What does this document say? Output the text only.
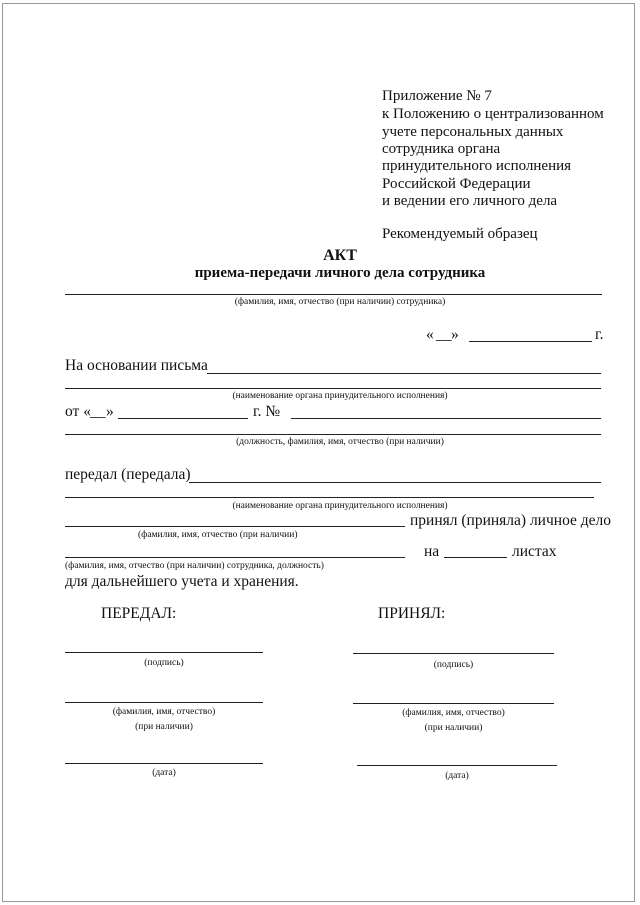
Приложение № 7
к Положению о централизованном
учете персональных данных
сотрудника органа
принудительного исполнения
Российской Федерации
и ведении его личного дела
Рекомендуемый образец
АКТ
приема-передачи личного дела сотрудника
(фамилия, имя, отчество (при наличии) сотрудника)
« __ »	г.
На основании письма
(наименование органа принудительного исполнения)
от « __ »	г. №
(должность, фамилия, имя, отчество (при наличии)
передал (передала)
(наименование органа принудительного исполнения)
принял (приняла) личное дело
(фамилия, имя, отчество (при наличии)
на	листах
(фамилия, имя, отчество (при наличии) сотрудника, должность)
для дальнейшего учета и хранения.
ПЕРЕДАЛ:
(подпись)
(фамилия, имя, отчество)
(при наличии)
(дата)
ПРИНЯЛ:
(подпись)
(фамилия, имя, отчество)
(при наличии)
(дата)
